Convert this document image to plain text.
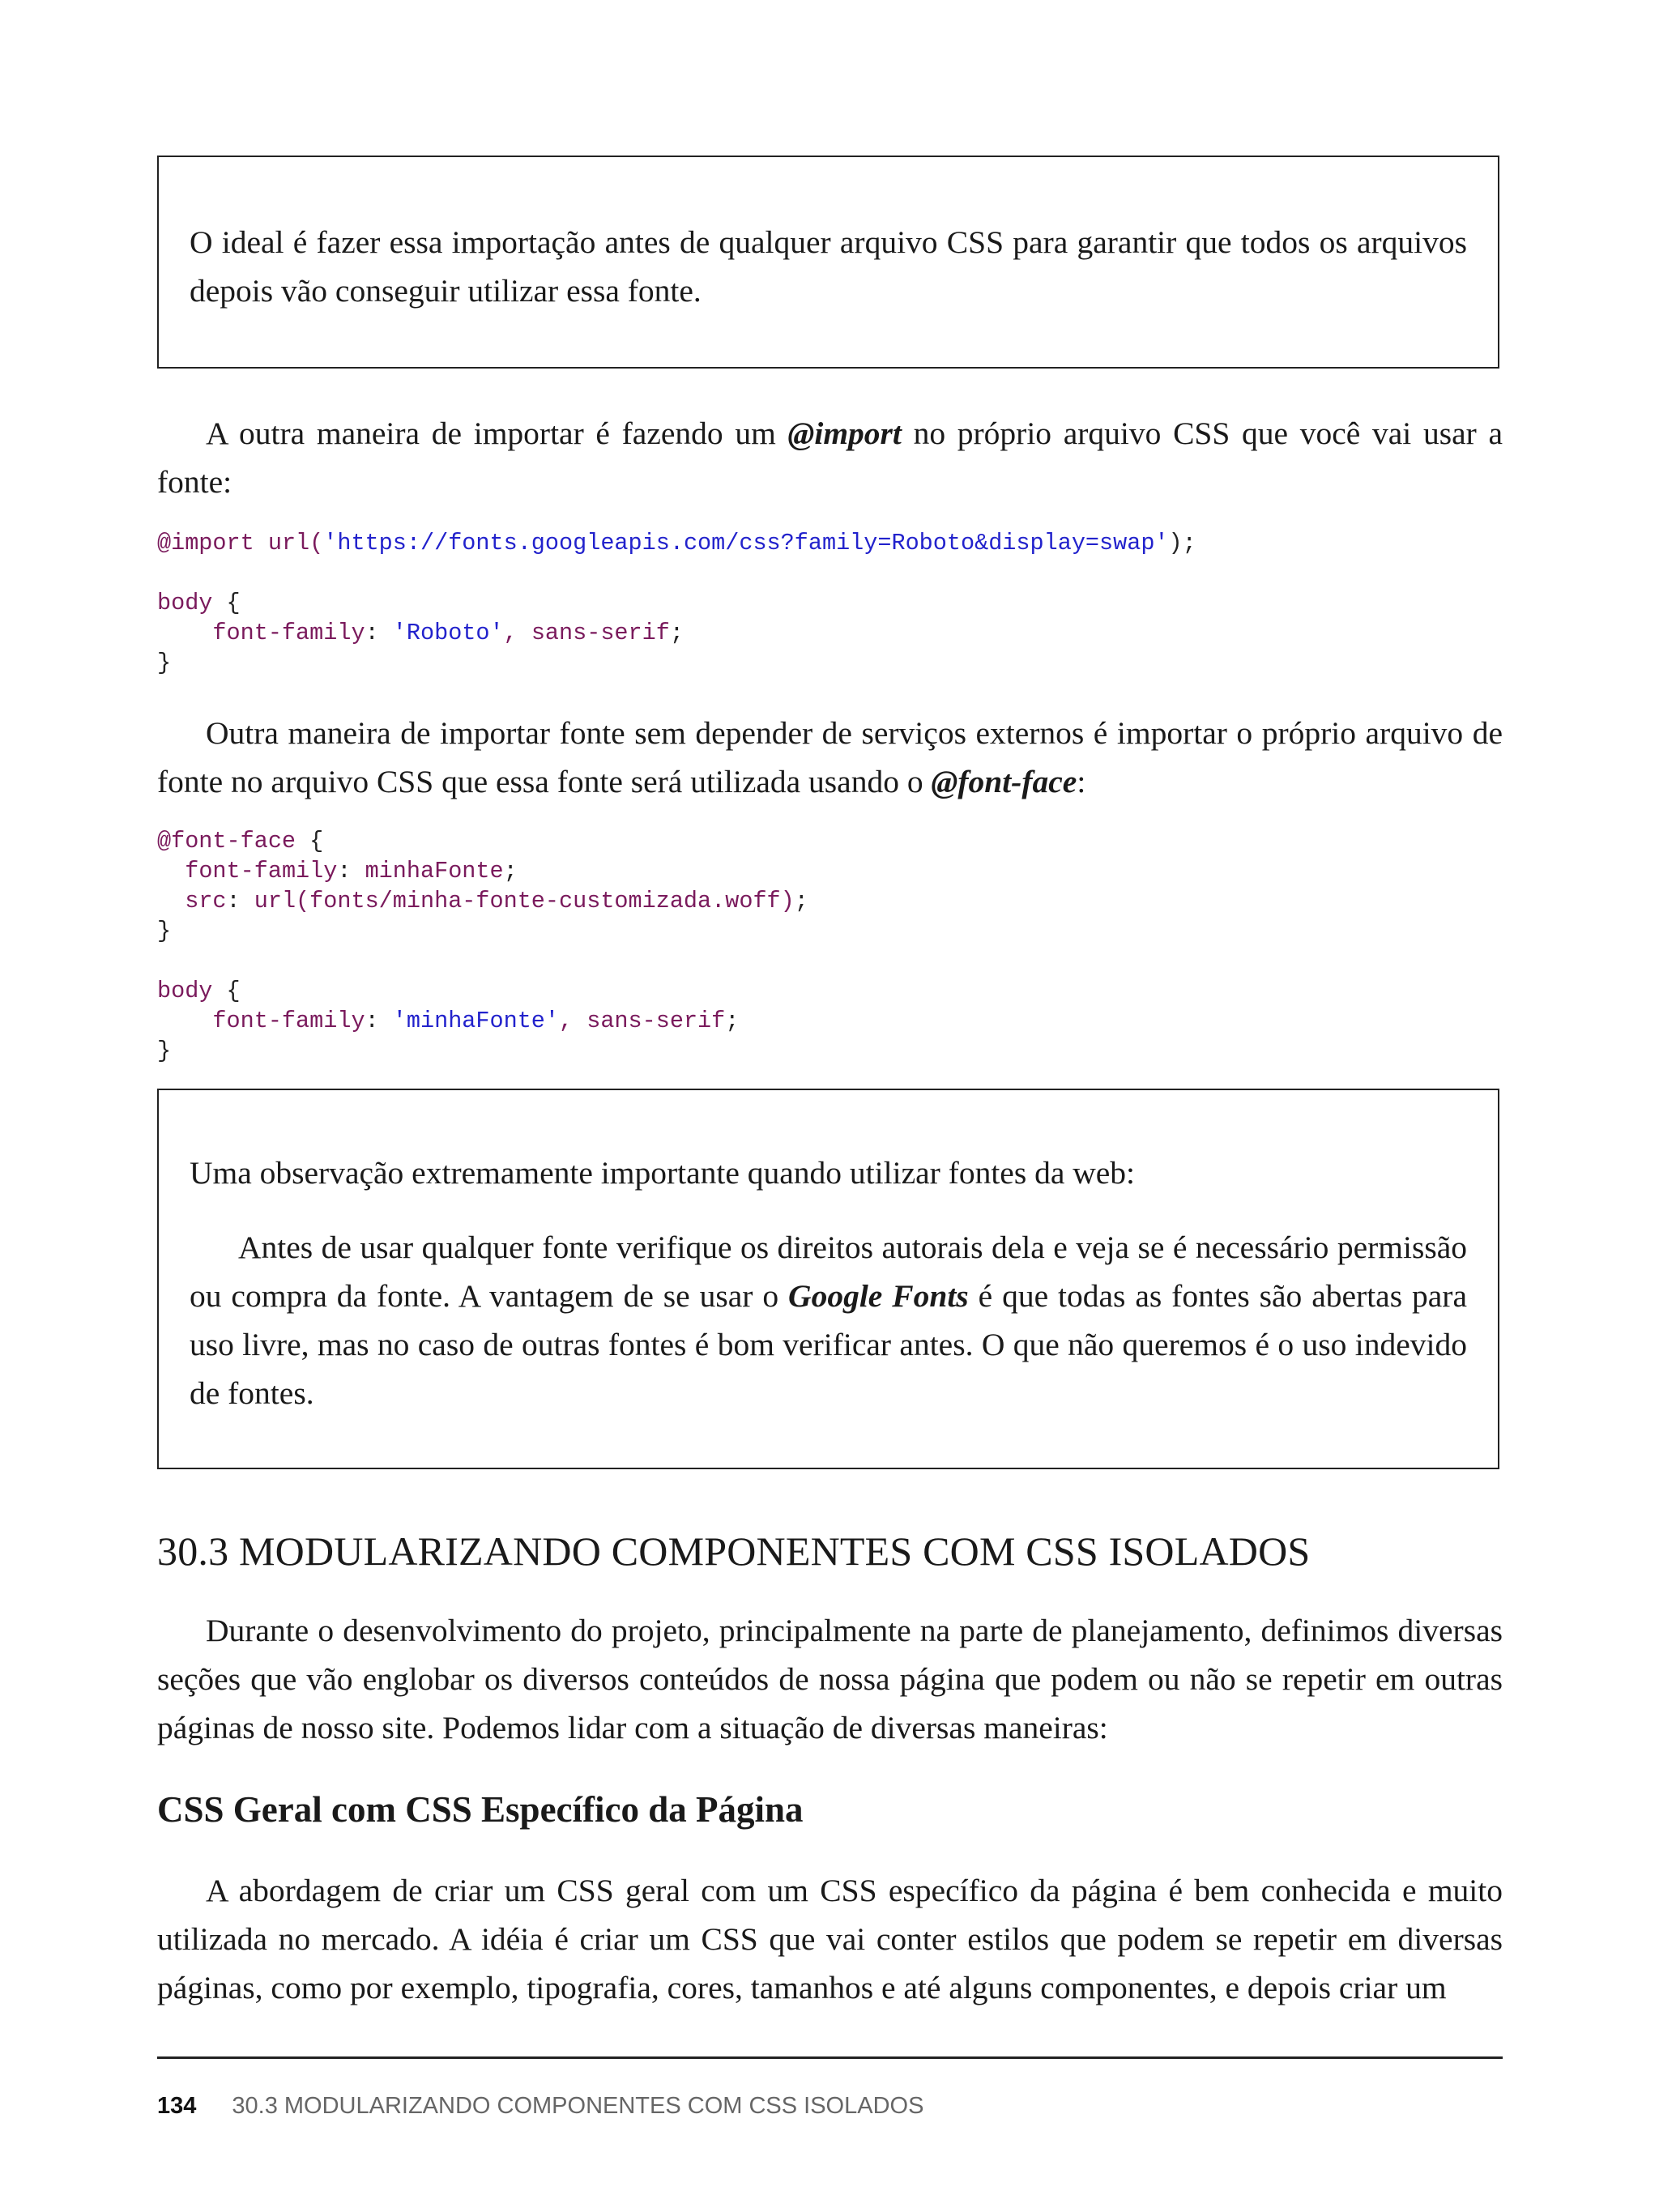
O ideal é fazer essa importação antes de qualquer arquivo CSS para garantir que todos os arquivos depois vão conseguir utilizar essa fonte.

A outra maneira de importar é fazendo um @import no próprio arquivo CSS que você vai usar a fonte:

@import url('https://fonts.googleapis.com/css?family=Roboto&display=swap');

body {
font-family: 'Roboto', sans-serif;
}

Outra maneira de importar fonte sem depender de serviços externos é importar o próprio arquivo de fonte no arquivo CSS que essa fonte será utilizada usando o @font-face:

@font-face {
font-family: minhaFonte;
src: url(fonts/minha-fonte-customizada.woff);
}

body {
font-family: 'minhaFonte', sans-serif;
}

Uma observação extremamente importante quando utilizar fontes da web:

Antes de usar qualquer fonte verifique os direitos autorais dela e veja se é necessário permissão ou compra da fonte. A vantagem de se usar o Google Fonts é que todas as fontes são abertas para uso livre, mas no caso de outras fontes é bom verificar antes. O que não queremos é o uso indevido de fontes.

30.3 MODULARIZANDO COMPONENTES COM CSS ISOLADOS

Durante o desenvolvimento do projeto, principalmente na parte de planejamento, definimos diversas seções que vão englobar os diversos conteúdos de nossa página que podem ou não se repetir em outras páginas de nosso site. Podemos lidar com a situação de diversas maneiras:

CSS Geral com CSS Específico da Página

A abordagem de criar um CSS geral com um CSS específico da página é bem conhecida e muito utilizada no mercado. A idéia é criar um CSS que vai conter estilos que podem se repetir em diversas páginas, como por exemplo, tipografia, cores, tamanhos e até alguns componentes, e depois criar um

134 30.3 MODULARIZANDO COMPONENTES COM CSS ISOLADOS
